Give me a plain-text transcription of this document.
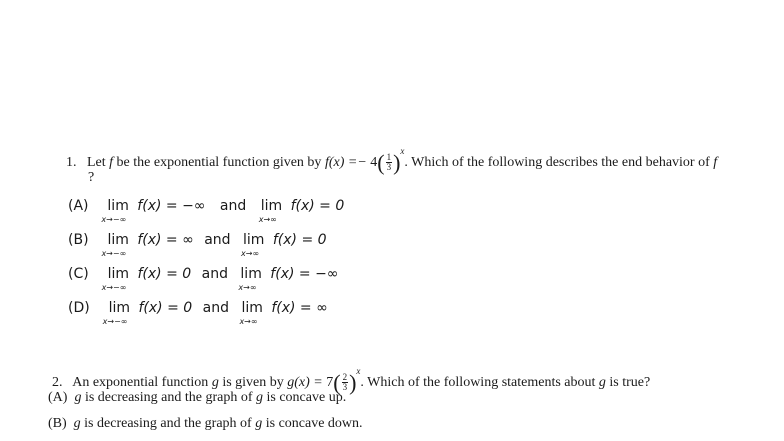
1. Let f be the exponential function given by $f(x) =- 4( \frac{1}{3} )^x$. Which of the following describes the end behavior of f
?
(A) lim
x→−∞
f(x) = −∞ and lim
x→∞
f(x) = 0
(B) lim
x→−∞
f(x) = ∞ and lim
x→∞
f(x) = 0
(C) lim
x→−∞
f(x) = 0 and lim
x→∞
f(x) = −∞
(D) lim
x→−∞
f(x) = 0 and lim
x→∞
f(x) = ∞
2. An exponential function g is given by $g(x) = 7( \frac{2}{3} )^x$. Which of the following statements about g is true?
(A) g is decreasing and the graph of g is concave up.
(B) g is decreasing and the graph of g is concave down.
